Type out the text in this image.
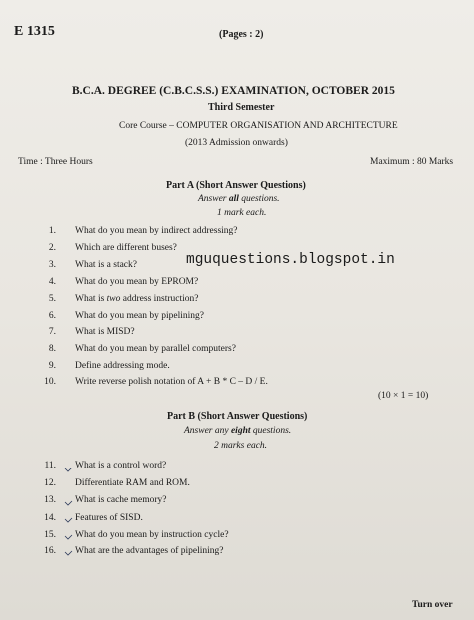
E 1315	(Pages : 2)
B.C.A. DEGREE (C.B.C.S.S.) EXAMINATION, OCTOBER 2015
Third Semester
Core Course – COMPUTER ORGANISATION AND ARCHITECTURE
(2013 Admission onwards)
Time : Three Hours	Maximum : 80 Marks
Part A (Short Answer Questions)
Answer all questions.
1 mark each.
1. What do you mean by indirect addressing?
2. Which are different buses?
3. What is a stack?
4. What do you mean by EPROM?
5. What is two address instruction?
6. What do you mean by pipelining?
7. What is MISD?
8. What do you mean by parallel computers?
9. Define addressing mode.
10. Write reverse polish notation of A + B * C – D / E.
(10 × 1 = 10)
mguquestions.blogspot.in
Part B (Short Answer Questions)
Answer any eight questions.
2 marks each.
11. What is a control word?
12. Differentiate RAM and ROM.
13. What is cache memory?
14. Features of SISD.
15. What do you mean by instruction cycle?
16. What are the advantages of pipelining?
Turn over
